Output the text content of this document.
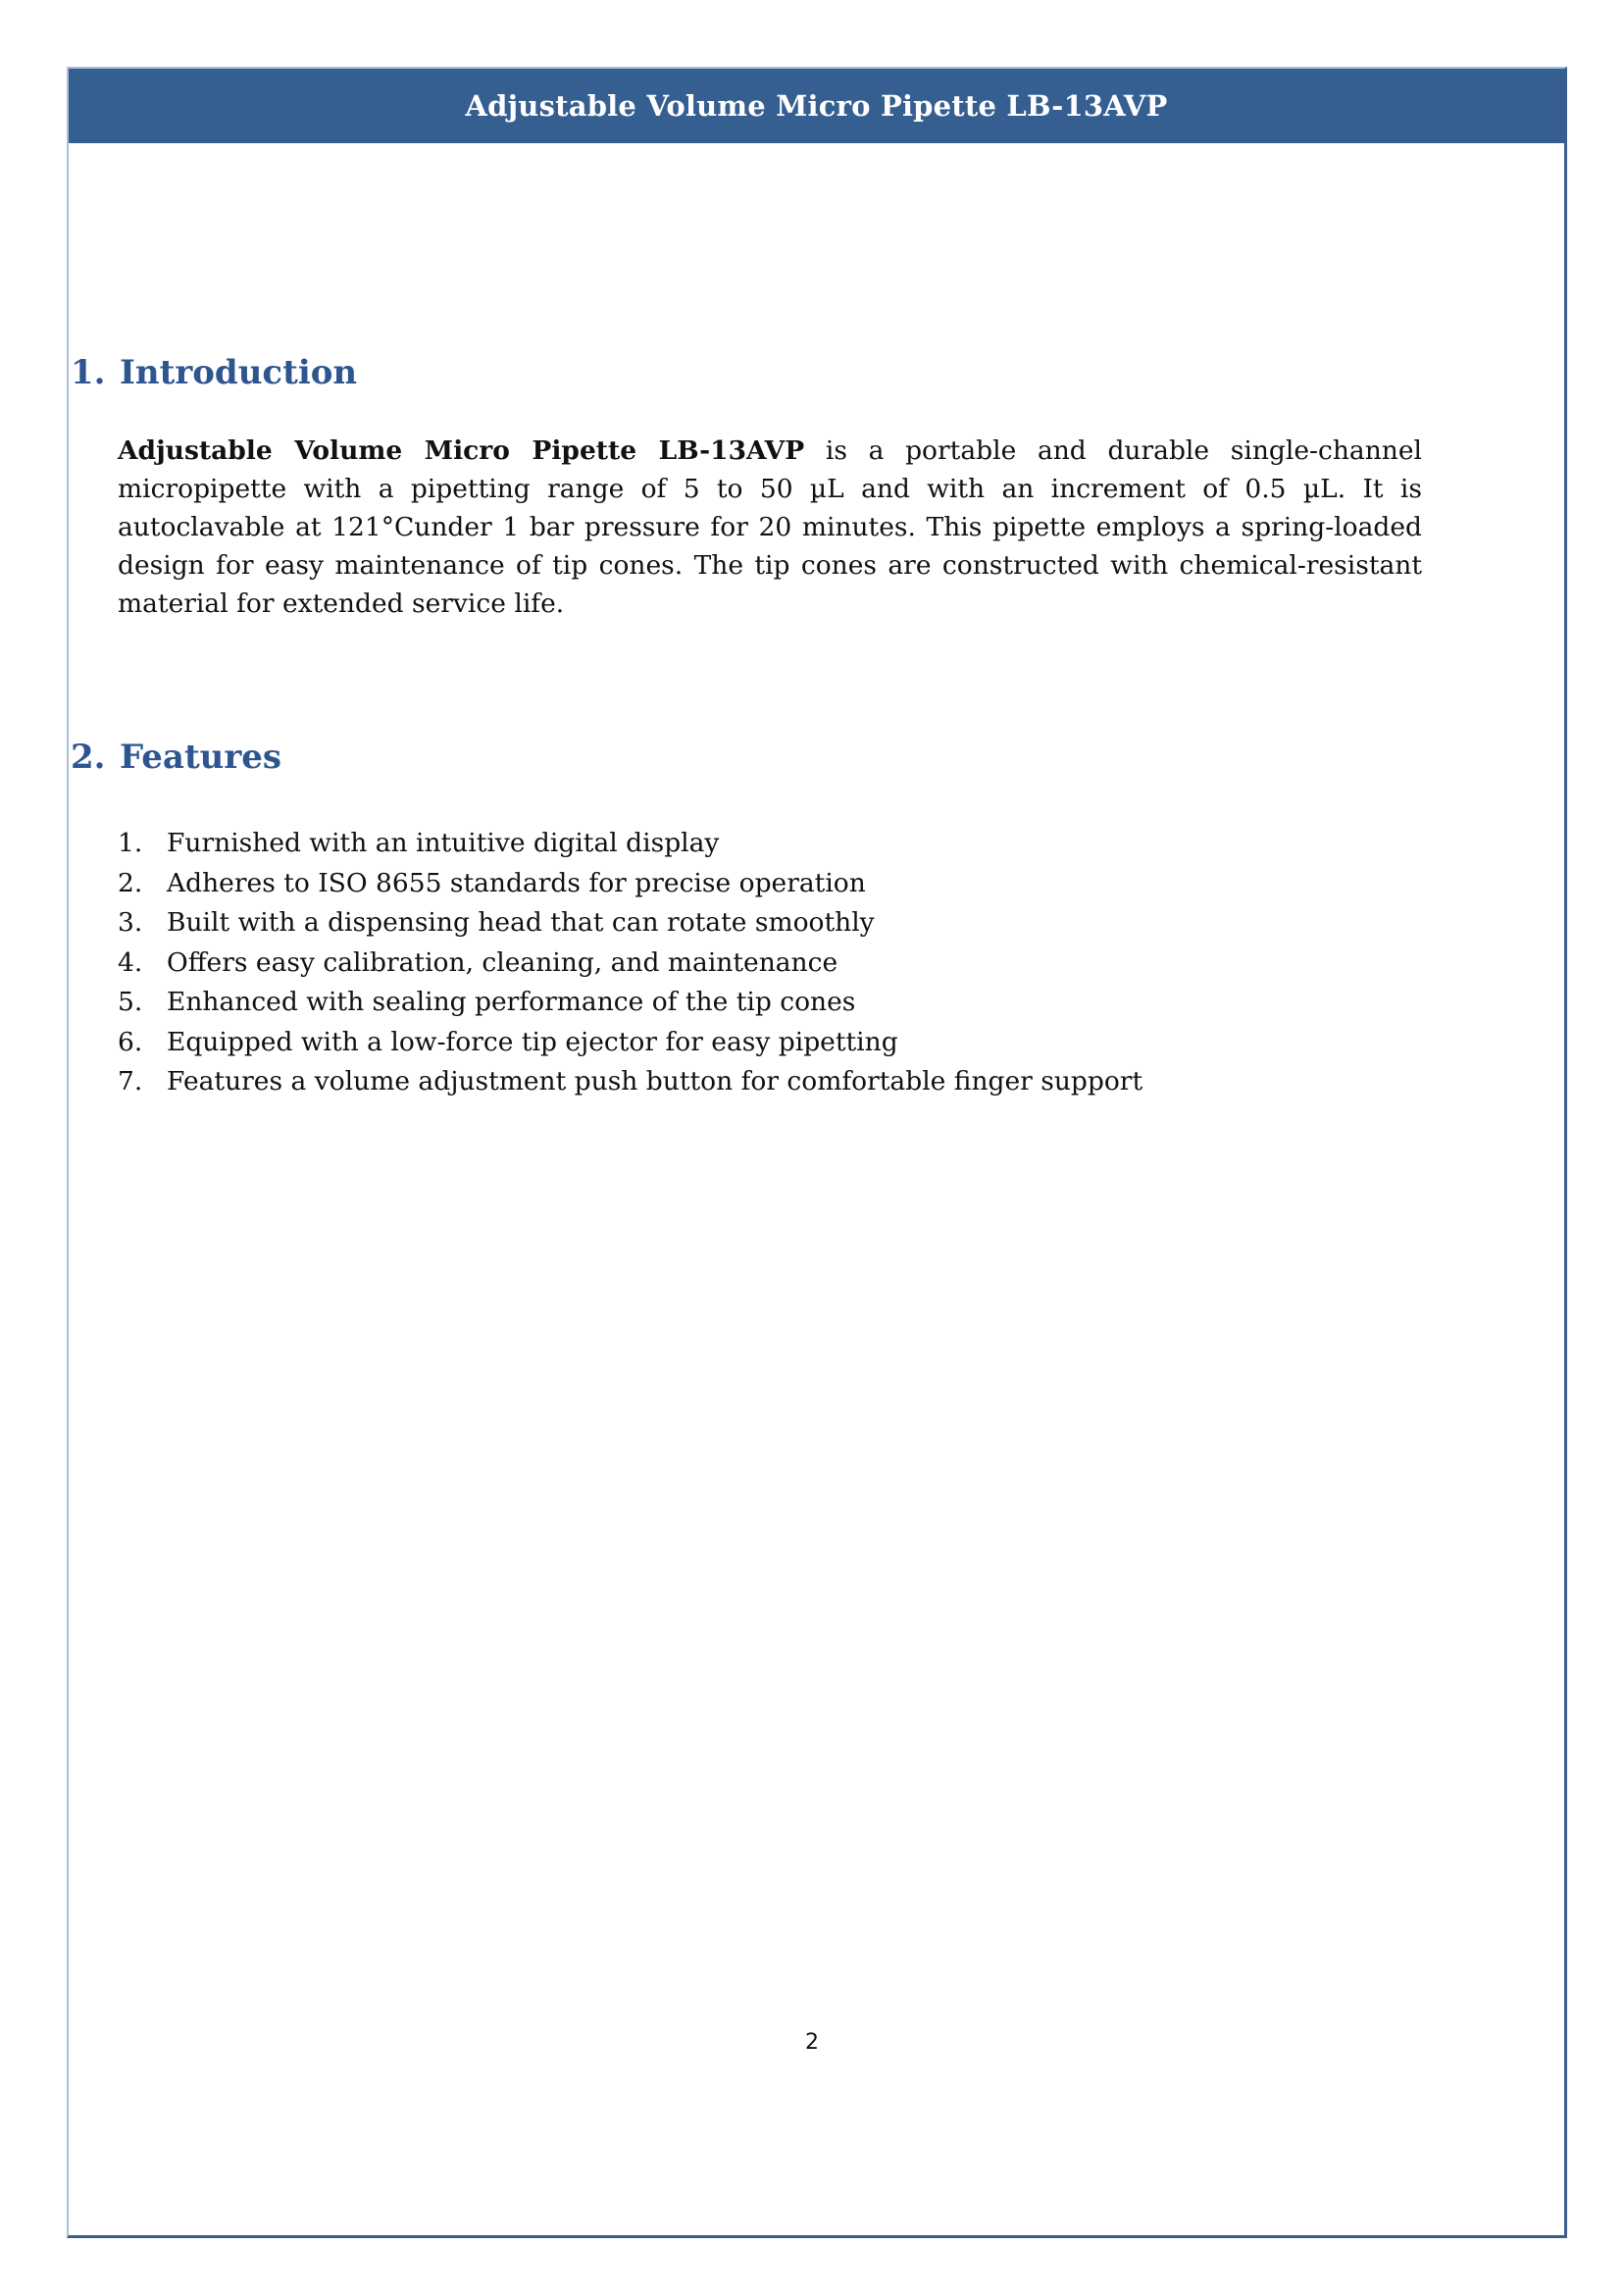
Adjustable Volume Micro Pipette LB-13AVP
1. Introduction

Adjustable Volume Micro Pipette LB-13AVP is a portable and durable single-channel micropipette with a pipetting range of 5 to 50 µL and with an increment of 0.5 µL. It is autoclavable at 121°Cunder 1 bar pressure for 20 minutes. This pipette employs a spring-loaded design for easy maintenance of tip cones. The tip cones are constructed with chemical-resistant material for extended service life.

2. Features
1. Furnished with an intuitive digital display
2. Adheres to ISO 8655 standards for precise operation
3. Built with a dispensing head that can rotate smoothly
4. Offers easy calibration, cleaning, and maintenance
5. Enhanced with sealing performance of the tip cones
6. Equipped with a low-force tip ejector for easy pipetting
7. Features a volume adjustment push button for comfortable finger support
2
